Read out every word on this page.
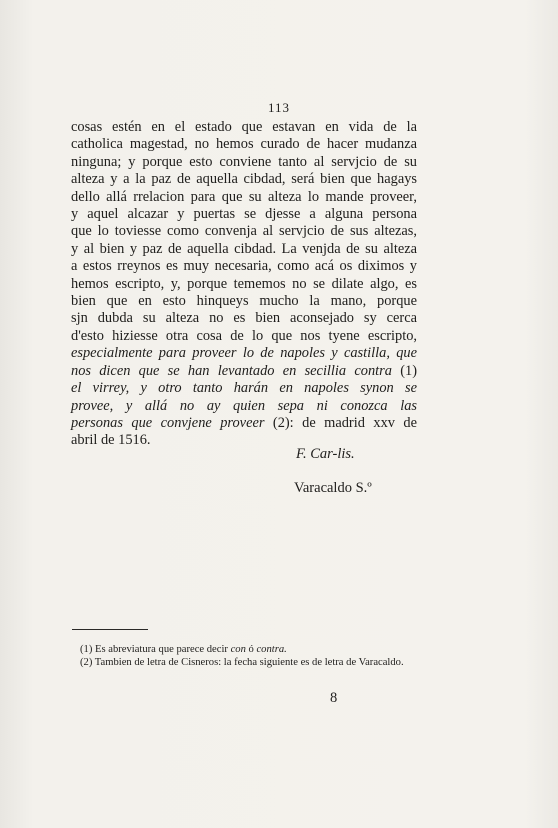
113
cosas estén en el estado que estavan en vida de la
catholica magestad, no hemos curado de hacer mudanza
ninguna; y porque esto conviene tanto al servjcio de su
alteza y a la paz de aquella cibdad, será bien que hagays
dello allá rrelacion para que su alteza lo mande proveer,
y aquel alcazar y puertas se djesse a alguna persona
que lo toviesse como convenja al servjcio de sus altezas,
y al bien y paz de aquella cibdad. La venjda de su alteza
a estos rreynos es muy necesaria, como acá os diximos y
hemos escripto, y, porque tememos no se dilate algo, es
bien que en esto hinqueys mucho la mano, porque
sjn dubda su alteza no es bien aconsejado sy cerca
d'esto hiziesse otra cosa de lo que nos tyene escripto,
especialmente para proveer lo de napoles y castilla, que
nos dicen que se han levantado en secillia contra (1)
el virrey, y otro tanto harán en napoles synon se
provee, y allá no ay quien sepa ni conozca las
personas que convjene proveer (2): de madrid xxv de
abril de 1516.
F. Car-lis.
Varacaldo S.º
(1) Es abreviatura que parece decir con ó contra.
(2) Tambien de letra de Cisneros: la fecha siguiente es de letra de Varacaldo.
8
